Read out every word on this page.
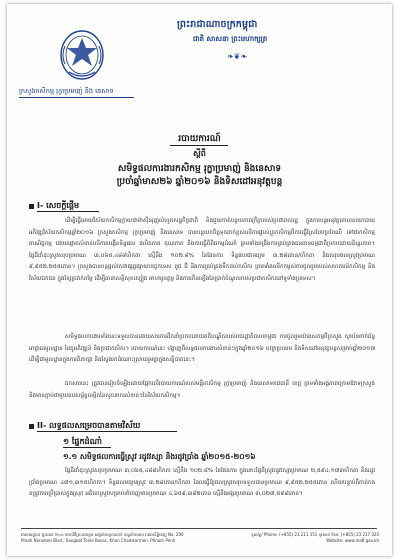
ព្រះរាជាណាចក្រកម្ពុជា
ជាតិ សាសនា ព្រះមហាក្សត្រ
❧❦❧
ក្រសួងកសិកម្ម រុក្ខាប្រមាញ់ និង នេសាទ
របាយការណ៍
ស្តីពី
សមិទ្ធផលការងារកសិកម្ម រុក្ខាប្រមាញ់ និងនេសាទ
ប្រចាំឆ្នាំមាស២៦ ឆ្នាំ២០១៦ និងទិសដៅអនុវត្តបន្ត
I- សេចក្តីផ្តើម
ដើម្បីធ្វើអោយវិស័យកសិកម្មក្លាយជាម៉ាស៊ីនរុញលំហូរសេដ្ឋកិច្ចជាតិ និងជួយកាត់បន្ថយភាពក្រីក្ររបស់ប្រជាពលរដ្ឋ ក្នុងការបន្តអនុវត្តគោលនយោបាយអភិវឌ្ឍវិស័យកសិកម្មឆ្នាំ២០១៦ ក្រសួងកសិកម្ម រុក្ខាប្រមាញ់ និងនេសាទ បានបន្តយកចិត្តទុកដាក់ខ្ពស់លើការផ្លាស់ប្តូរកសិកម្មពីការធ្វើស្រែបែបប្រពៃណី ទៅជាកសិកម្មពាណិជ្ជកម្ម ដោយផ្តោតសំខាន់លើការបង្កើនទិន្នផល ផលិតភាព គុណភាព និងការធ្វើពិពិធកម្មដំណាំ ព្រមទាំងពង្រឹងការគ្រប់គ្រងធនធានធម្មជាតិប្រកបដោយនិរន្តរភាព។ ផ្ទៃដីដាំដុះស្រូវសរុបប្រមាណ ៣,០៦៥,៤៨៨ហិកតា ស្មើនឹង ១០២.៨% នៃផែនការ ទិន្នផលជាមធ្យម ៣.២៨តោន/ហិកតា និងសរុបផលស្រូវប្រមាណ ៩,៩៥២,២៥៥តោន។ ក្រសួងបានបន្តផ្តល់សេវាផ្សព្វផ្សាយបច្ចេកទេស ពូជ ជី និងការគ្រប់គ្រងទឹកដល់កសិករ ព្រមទាំងលើកកម្ពស់ការចូលរួមរបស់សហគមន៍កសិកម្ម និងវិស័យឯកជន ក្នុងខ្សែច្រវាក់តម្លៃ ដើម្បីធានាសន្តិសុខស្បៀង អាហារូបត្ថម្ភ និងការកើនឡើងនៃប្រាក់ចំណូលរបស់ប្រជាកសិករនៅទូទាំងប្រទេស។
សមិទ្ធផលការងារទាំងនេះទទួលបានដោយសារការដឹកនាំប្រកបដោយគតិបណ្ឌិតរបស់រាជរដ្ឋាភិបាលកម្ពុជា ការចូលរួមយ៉ាងសកម្មពីក្រសួង ស្ថាប័នពាក់ព័ន្ធ អាជ្ញាធរមូលដ្ឋាន ដៃគូអភិវឌ្ឍន៍ និងប្រជាកសិករ។ របាយការណ៍នេះ បង្ហាញពីលទ្ធផលការងារសំខាន់ៗក្នុងឆ្នាំ២០១៦ បញ្ហាប្រឈម និងទិសដៅអនុវត្តបន្តសម្រាប់ឆ្នាំ២០១៧ ដើម្បីជាមូលដ្ឋានក្នុងការពិភាក្សា និងស្វែងរកដំណោះស្រាយរួមគ្នាក្នុងសន្និបាតនេះ។
ឯកសារនេះ ត្រូវបានរៀបចំឡើងដោយផ្អែកលើរបាយការណ៍របស់មន្ទីរកសិកម្ម រុក្ខាប្រមាញ់ និងនេសាទរាជធានី ខេត្ត ព្រមទាំងអង្គភាពក្រោមឱវាទក្រសួង និងមានភ្ជាប់ជាមួយឧបសម្ព័ន្ធលម្អិតនៃសូចនាករសំខាន់ៗនៃវិស័យកសិកម្ម។
II- លទ្ធផលសម្រេចបានតាមវិស័យ
១ ផ្នែកដំណាំ
១.១ សមិទ្ធផលការធ្វើស្រូវ រដូវវស្សា និងរដូវប្រាំង ឆ្នាំ២០១៥-២០១៦
ផ្ទៃដីដាំដុះស្រូវសរុបប្រមាណ ៣,០៦៥,៤៨៨ហិកតា ស្មើនឹង ១០២.៨% នៃផែនការ ក្នុងនោះផ្ទៃដីស្រូវរដូវវស្សាប្រមាណ ២,៥៩៤,១៧៣ហិកតា និងរដូវប្រាំងប្រមាណ ៤៧១,៣១៥ហិកតា។ ទិន្នផលមធ្យមស្រូវ ៣.២៨តោន/ហិកតា ដែលធ្វើឱ្យផលស្រូវសរុបទទួលបានប្រមាណ ៩,៩៥២,២៥៥តោន ហើយបន្ទាប់ពីកាត់កងតម្រូវការប្រើប្រាស់ក្នុងស្រុក អតិរេកស្រូវសម្រាប់នាំចេញមានប្រមាណ ៤,៦៥៩,៣៨២តោន ស្មើនឹងអង្ករប្រមាណ ៣,០២៧,៥៩៨តោន។
អាសយដ្ឋាន៖ ផ្ទះលេខ ២០០ មហាវិថីព្រះនរោត្តម សង្កាត់ទន្លេបាសាក់ ខណ្ឌចំការមន រាជធានីភ្នំពេញ No. 200 Preah Norodom Blvd., Sangkat Tonle Basac, Khan Chamkarmon, Phnom Penh
ទូរស័ព្ទ/ Phone: (+855) 23 211 351 ទូរសារ/ Fax: (+855) 23 217 320 Website: www.maff.gov.kh
